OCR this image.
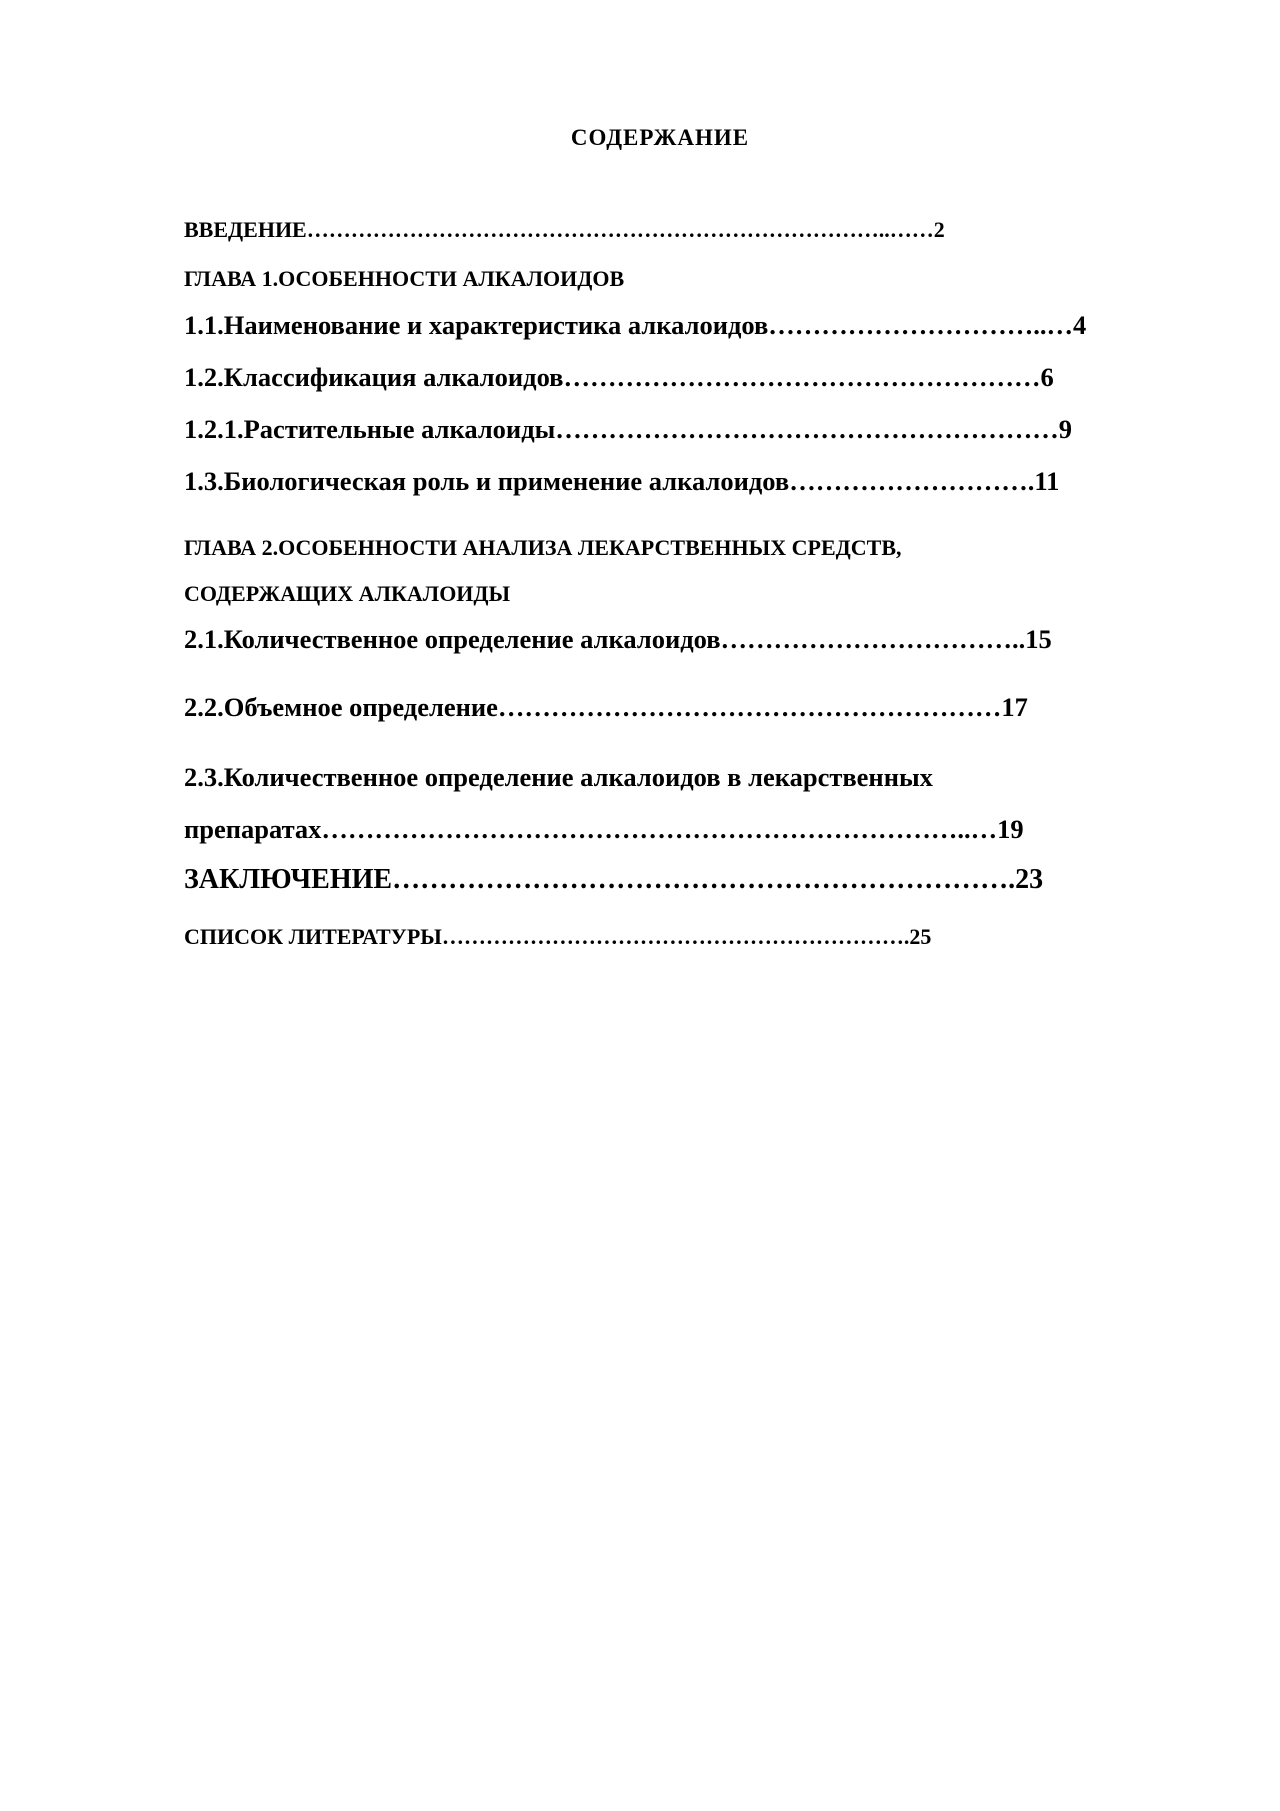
СОДЕРЖАНИЕ
ВВЕДЕНИЕ……………………………………………………………………..……2
ГЛАВА 1.ОСОБЕННОСТИ АЛКАЛОИДОВ
1.1.Наименование и характеристика алкалоидов…………………………..…4
1.2.Классификация алкалоидов………………………………………………6
1.2.1.Растительные алкалоиды…………………………………………………9
1.3.Биологическая роль и применение алкалоидов……………………….11
ГЛАВА 2.ОСОБЕННОСТИ АНАЛИЗА ЛЕКАРСТВЕННЫХ СРЕДСТВ,
СОДЕРЖАЩИХ АЛКАЛОИДЫ
2.1.Количественное определение алкалоидов……………………………..15
2.2.Объемное определение…………………………………………………17
2.3.Количественное определение алкалоидов в лекарственных
препаратах………………………………………………………………..…19
ЗАКЛЮЧЕНИЕ………………………………………………………….23
СПИСОК ЛИТЕРАТУРЫ……………………………………………………….25
